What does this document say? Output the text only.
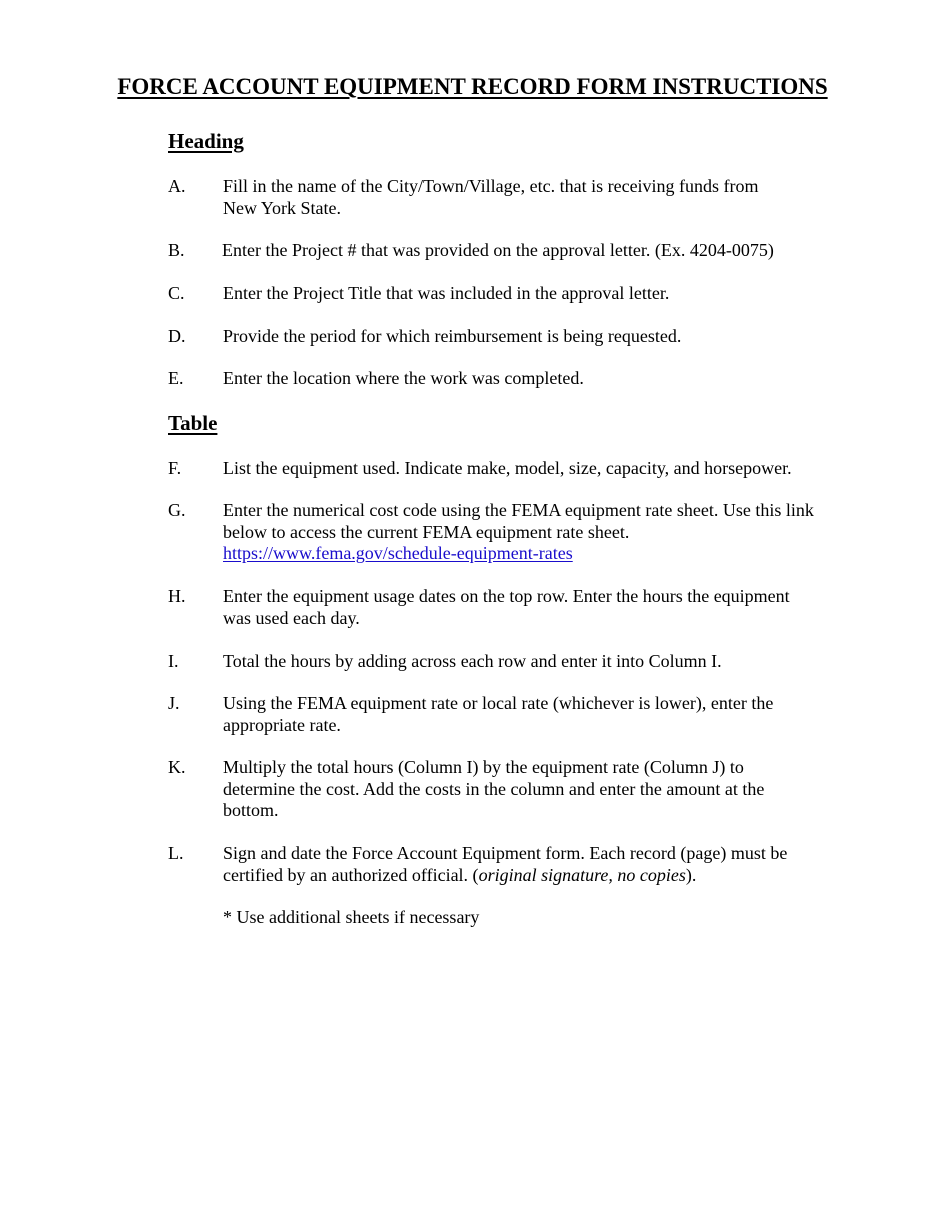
FORCE ACCOUNT EQUIPMENT RECORD FORM INSTRUCTIONS
Heading
A.	Fill in the name of the City/Town/Village, etc. that is receiving funds from
New York State.
B.	Enter the Project # that was provided on the approval letter. (Ex. 4204-0075)
C.	Enter the Project Title that was included in the approval letter.
D.	Provide the period for which reimbursement is being requested.
E.	Enter the location where the work was completed.
Table
F.	List the equipment used. Indicate make, model, size, capacity, and horsepower.
G.	Enter the numerical cost code using the FEMA equipment rate sheet. Use this link
below to access the current FEMA equipment rate sheet.
https://www.fema.gov/schedule-equipment-rates
H.	Enter the equipment usage dates on the top row. Enter the hours the equipment
was used each day.
I.	Total the hours by adding across each row and enter it into Column I.
J.	Using the FEMA equipment rate or local rate (whichever is lower), enter the
appropriate rate.
K.	Multiply the total hours (Column I) by the equipment rate (Column J) to
determine the cost. Add the costs in the column and enter the amount at the
bottom.
L.	Sign and date the Force Account Equipment form. Each record (page) must be
certified by an authorized official. (original signature, no copies).
* Use additional sheets if necessary
